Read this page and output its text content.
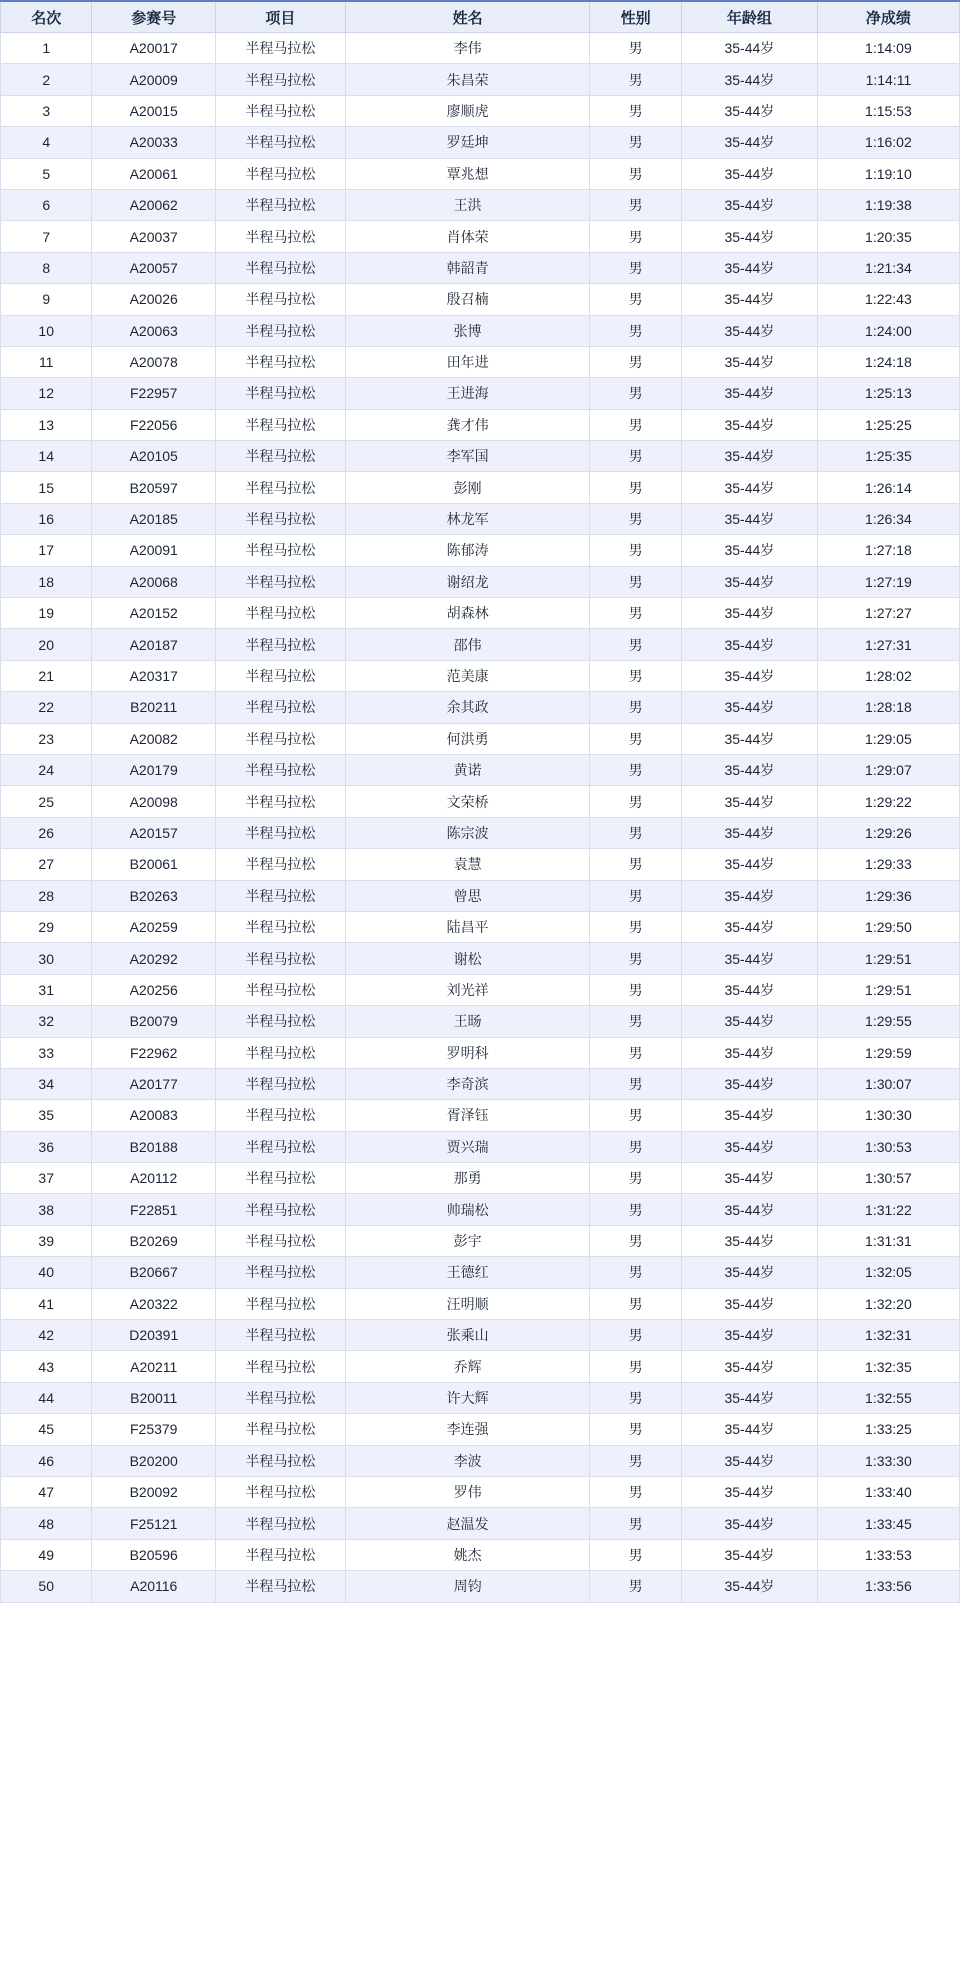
名次	参赛号	项目	姓名	性别	年龄组	净成绩
1	A20017	半程马拉松	李伟	男	35-44岁	1:14:09
2	A20009	半程马拉松	朱昌荣	男	35-44岁	1:14:11
3	A20015	半程马拉松	廖顺虎	男	35-44岁	1:15:53
4	A20033	半程马拉松	罗廷坤	男	35-44岁	1:16:02
5	A20061	半程马拉松	覃兆想	男	35-44岁	1:19:10
6	A20062	半程马拉松	王洪	男	35-44岁	1:19:38
7	A20037	半程马拉松	肖体荣	男	35-44岁	1:20:35
8	A20057	半程马拉松	韩韶青	男	35-44岁	1:21:34
9	A20026	半程马拉松	殷召楠	男	35-44岁	1:22:43
10	A20063	半程马拉松	张博	男	35-44岁	1:24:00
11	A20078	半程马拉松	田年进	男	35-44岁	1:24:18
12	F22957	半程马拉松	王进海	男	35-44岁	1:25:13
13	F22056	半程马拉松	龚才伟	男	35-44岁	1:25:25
14	A20105	半程马拉松	李军国	男	35-44岁	1:25:35
15	B20597	半程马拉松	彭刚	男	35-44岁	1:26:14
16	A20185	半程马拉松	林龙军	男	35-44岁	1:26:34
17	A20091	半程马拉松	陈郁涛	男	35-44岁	1:27:18
18	A20068	半程马拉松	谢绍龙	男	35-44岁	1:27:19
19	A20152	半程马拉松	胡森林	男	35-44岁	1:27:27
20	A20187	半程马拉松	邵伟	男	35-44岁	1:27:31
21	A20317	半程马拉松	范美康	男	35-44岁	1:28:02
22	B20211	半程马拉松	余其政	男	35-44岁	1:28:18
23	A20082	半程马拉松	何洪勇	男	35-44岁	1:29:05
24	A20179	半程马拉松	黄诺	男	35-44岁	1:29:07
25	A20098	半程马拉松	文荣桥	男	35-44岁	1:29:22
26	A20157	半程马拉松	陈宗波	男	35-44岁	1:29:26
27	B20061	半程马拉松	袁慧	男	35-44岁	1:29:33
28	B20263	半程马拉松	曾思	男	35-44岁	1:29:36
29	A20259	半程马拉松	陆昌平	男	35-44岁	1:29:50
30	A20292	半程马拉松	谢松	男	35-44岁	1:29:51
31	A20256	半程马拉松	刘光祥	男	35-44岁	1:29:51
32	B20079	半程马拉松	王旸	男	35-44岁	1:29:55
33	F22962	半程马拉松	罗明科	男	35-44岁	1:29:59
34	A20177	半程马拉松	李奇滨	男	35-44岁	1:30:07
35	A20083	半程马拉松	胥泽钰	男	35-44岁	1:30:30
36	B20188	半程马拉松	贾兴瑞	男	35-44岁	1:30:53
37	A20112	半程马拉松	那勇	男	35-44岁	1:30:57
38	F22851	半程马拉松	帅瑞松	男	35-44岁	1:31:22
39	B20269	半程马拉松	彭宇	男	35-44岁	1:31:31
40	B20667	半程马拉松	王德红	男	35-44岁	1:32:05
41	A20322	半程马拉松	汪明顺	男	35-44岁	1:32:20
42	D20391	半程马拉松	张乘山	男	35-44岁	1:32:31
43	A20211	半程马拉松	乔辉	男	35-44岁	1:32:35
44	B20011	半程马拉松	许大辉	男	35-44岁	1:32:55
45	F25379	半程马拉松	李连强	男	35-44岁	1:33:25
46	B20200	半程马拉松	李波	男	35-44岁	1:33:30
47	B20092	半程马拉松	罗伟	男	35-44岁	1:33:40
48	F25121	半程马拉松	赵温发	男	35-44岁	1:33:45
49	B20596	半程马拉松	姚杰	男	35-44岁	1:33:53
50	A20116	半程马拉松	周钧	男	35-44岁	1:33:56
